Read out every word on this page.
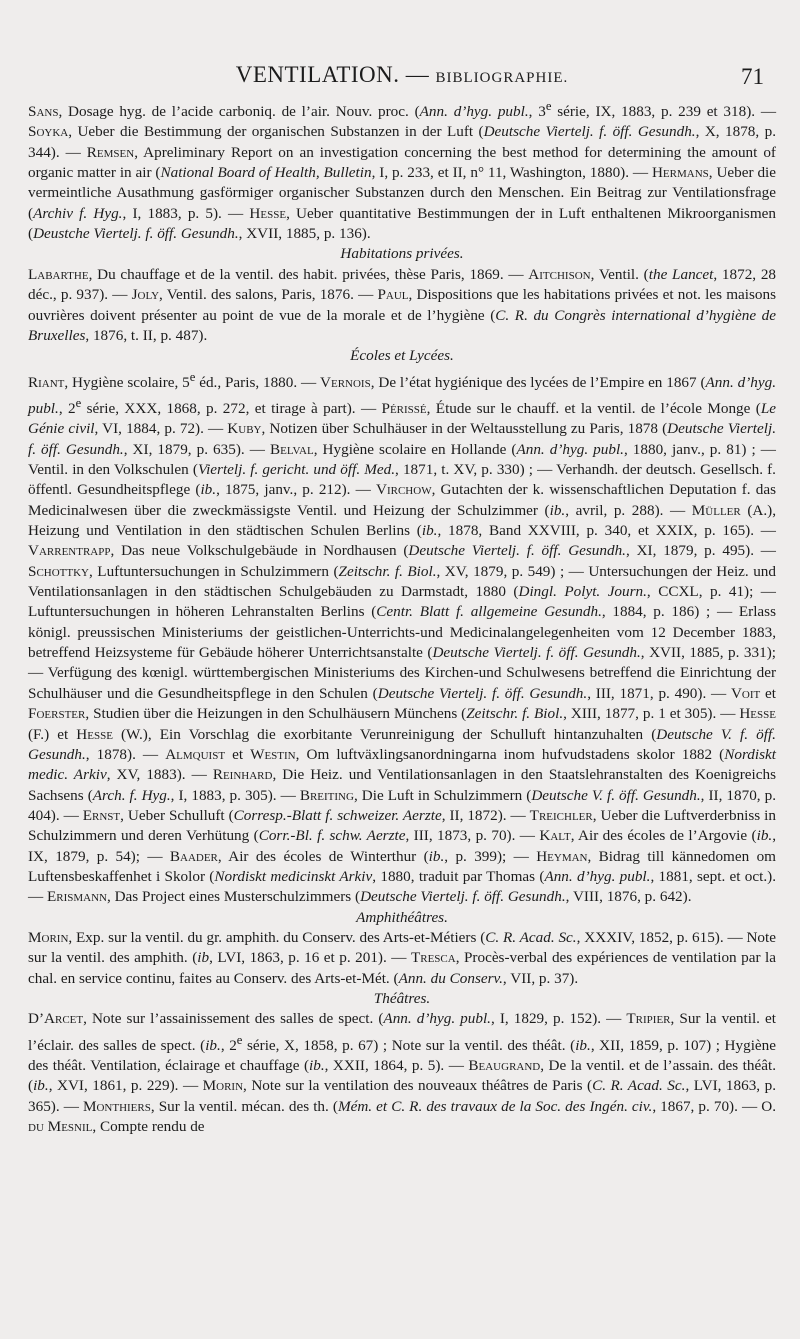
VENTILATION. — BIBLIOGRAPHIE.	71

Sans, Dosage hyg. de l’acide carboniq. de l’air. Nouv. proc. (Ann. d’hyg. publ., 3e série, IX, 1883, p. 239 et 318). — Soyka, Ueber die Bestimmung der organischen Substanzen in der Luft (Deutsche Viertelj. f. öff. Gesundh., X, 1878, p. 344). — Remsen, Apreliminary Report on an investigation concerning the best method for determining the amount of organic matter in air (National Board of Health, Bulletin, I, p. 233, et II, n° 11, Washington, 1880). — Hermans, Ueber die vermeintliche Ausathmung gasförmiger organischer Substanzen durch den Menschen. Ein Beitrag zur Ventilationsfrage (Archiv f. Hyg., I, 1883, p. 5). — Hesse, Ueber quantitative Bestimmungen der in Luft enthaltenen Mikroorganismen (Deustche Viertelj. f. öff. Gesundh., XVII, 1885, p. 136).

Habitations privées.

Labarthe, Du chauffage et de la ventil. des habit. privées, thèse Paris, 1869. — Aitchison, Ventil. (the Lancet, 1872, 28 déc., p. 937). — Joly, Ventil. des salons, Paris, 1876. — Paul, Dispositions que les habitations privées et not. les maisons ouvrières doivent présenter au point de vue de la morale et de l’hygiène (C. R. du Congrès international d’hygiène de Bruxelles, 1876, t. II, p. 487).

Écoles et Lycées.

Riant, Hygiène scolaire, 5e éd., Paris, 1880. — Vernois, De l’état hygiénique des lycées de l’Empire en 1867 (Ann. d’hyg. publ., 2e série, XXX, 1868, p. 272, et tirage à part). — Périssé, Étude sur le chauff. et la ventil. de l’école Monge (Le Génie civil, VI, 1884, p. 72). — Kuby, Notizen über Schulhäuser in der Weltausstellung zu Paris, 1878 (Deutsche Viertelj. f. öff. Gesundh., XI, 1879, p. 635). — Belval, Hygiène scolaire en Hollande (Ann. d’hyg. publ., 1880, janv., p. 81) ; — Ventil. in den Volkschulen (Viertelj. f. gericht. und öff. Med., 1871, t. XV, p. 330) ; — Verhandh. der deutsch. Gesellsch. f. öffentl. Gesundheitspflege (ib., 1875, janv., p. 212). — Virchow, Gutachten der k. wissenschaftlichen Deputation f. das Medicinalwesen über die zweckmässigste Ventil. und Heizung der Schulzimmer (ib., avril, p. 288). — Müller (A.), Heizung und Ventilation in den städtischen Schulen Berlins (ib., 1878, Band XXVIII, p. 340, et XXIX, p. 165). — Varrentrapp, Das neue Volkschulgebäude in Nordhausen (Deutsche Viertelj. f. öff. Gesundh., XI, 1879, p. 495). — Schottky, Luftuntersuchungen in Schulzimmern (Zeitschr. f. Biol., XV, 1879, p. 549) ; — Untersuchungen der Heiz. und Ventilationsanlagen in den städtischen Schulgebäuden zu Darmstadt, 1880 (Dingl. Polyt. Journ., CCXL, p. 41); — Luftuntersuchungen in höheren Lehranstalten Berlins (Centr. Blatt f. allgemeine Gesundh., 1884, p. 186) ; — Erlass königl. preussischen Ministeriums der geistlichen-Unterrichts-und Medicinalangelegenheiten vom 12 December 1883, betreffend Heizsysteme für Gebäude höherer Unterrichtsanstalte (Deutsche Viertelj. f. öff. Gesundh., XVII, 1885, p. 331); — Verfügung des kœnigl. württembergischen Ministeriums des Kirchen-und Schulwesens betreffend die Einrichtung der Schulhäuser und die Gesundheitspflege in den Schulen (Deutsche Viertelj. f. öff. Gesundh., III, 1871, p. 490). — Voit et Foerster, Studien über die Heizungen in den Schulhäusern Münchens (Zeitschr. f. Biol., XIII, 1877, p. 1 et 305). — Hesse (F.) et Hesse (W.), Ein Vorschlag die exorbitante Verunreinigung der Schulluft hintanzuhalten (Deutsche V. f. öff. Gesundh., 1878). — Almquist et Westin, Om luftväxlingsanordningarna inom hufvudstadens skolor 1882 (Nordiskt medic. Arkiv, XV, 1883). — Reinhard, Die Heiz. und Ventilationsanlagen in den Staatslehranstalten des Koenigreichs Sachsens (Arch. f. Hyg., I, 1883, p. 305). — Breiting, Die Luft in Schulzimmern (Deutsche V. f. öff. Gesundh., II, 1870, p. 404). — Ernst, Ueber Schulluft (Corresp.-Blatt f. schweizer. Aerzte, II, 1872). — Treichler, Ueber die Luftverderbniss in Schulzimmern und deren Verhütung (Corr.-Bl. f. schw. Aerzte, III, 1873, p. 70). — Kalt, Air des écoles de l’Argovie (ib., IX, 1879, p. 54); — Baader, Air des écoles de Winterthur (ib., p. 399); — Heyman, Bidrag till kännedomen om Luftensbeskaffenhet i Skolor (Nordiskt medicinskt Arkiv, 1880, traduit par Thomas (Ann. d’hyg. publ., 1881, sept. et oct.). — Erismann, Das Project eines Musterschulzimmers (Deutsche Viertelj. f. öff. Gesundh., VIII, 1876, p. 642).

Amphithéâtres.

Morin, Exp. sur la ventil. du gr. amphith. du Conserv. des Arts-et-Métiers (C. R. Acad. Sc., XXXIV, 1852, p. 615). — Note sur la ventil. des amphith. (ib, LVI, 1863, p. 16 et p. 201). — Tresca, Procès-verbal des expériences de ventilation par la chal. en service continu, faites au Conserv. des Arts-et-Mét. (Ann. du Conserv., VII, p. 37).

Théâtres.

D’Arcet, Note sur l’assainissement des salles de spect. (Ann. d’hyg. publ., I, 1829, p. 152). — Tripier, Sur la ventil. et l’éclair. des salles de spect. (ib., 2e série, X, 1858, p. 67) ; Note sur la ventil. des théât. (ib., XII, 1859, p. 107) ; Hygiène des théât. Ventilation, éclairage et chauffage (ib., XXII, 1864, p. 5). — Beaugrand, De la ventil. et de l’assain. des théât. (ib., XVI, 1861, p. 229). — Morin, Note sur la ventilation des nouveaux théâtres de Paris (C. R. Acad. Sc., LVI, 1863, p. 365). — Monthiers, Sur la ventil. mécan. des th. (Mém. et C. R. des travaux de la Soc. des Ingén. civ., 1867, p. 70). — O. du Mesnil, Compte rendu de
